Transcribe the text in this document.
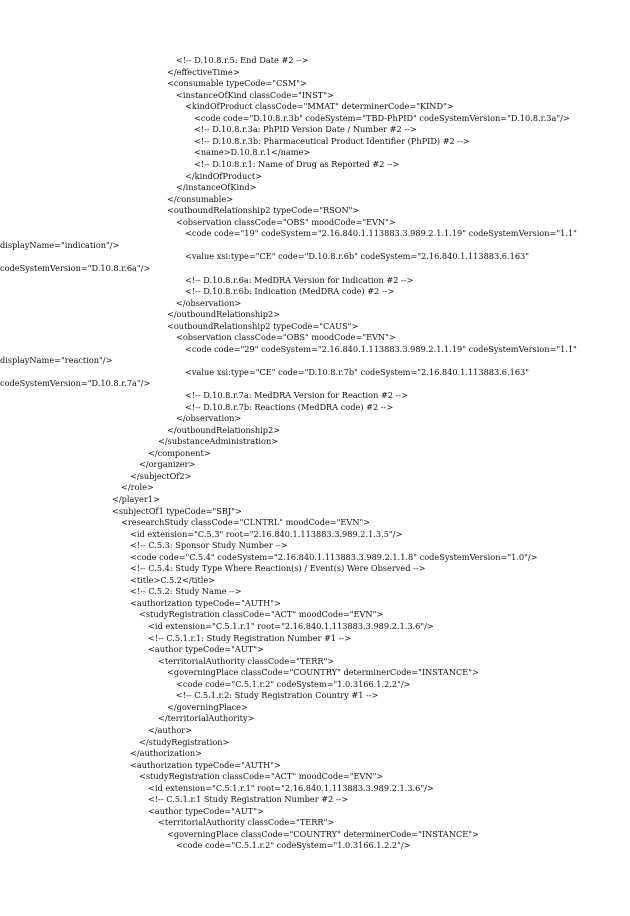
<!-- D.10.8.r.5: End Date #2 -->
</effectiveTime>
<consumable typeCode="CSM">
<instanceOfKind classCode="INST">
<kindOfProduct classCode="MMAT" determinerCode="KIND">
<code code="D.10.8.r.3b" codeSystem="TBD-PhPID" codeSystemVersion="D.10.8.r.3a"/>
<!-- D.10.8.r.3a: PhPID Version Date / Number #2 -->
<!-- D.10.8.r.3b: Pharmaceutical Product Identifier (PhPID) #2 -->
<name>D.10.8.r.1</name>
<!-- D.10.8.r.1: Name of Drug as Reported #2 -->
</kindOfProduct>
</instanceOfKind>
</consumable>
<outboundRelationship2 typeCode="RSON">
<observation classCode="OBS" moodCode="EVN">
<code code="19" codeSystem="2.16.840.1.113883.3.989.2.1.1.19" codeSystemVersion="1.1"
displayName="indication"/>
<value xsi:type="CE" code="D.10.8.r.6b" codeSystem="2.16.840.1.113883.6.163"
codeSystemVersion="D.10.8.r.6a"/>
<!-- D.10.8.r.6a: MedDRA Version for Indication #2 -->
<!-- D.10.8.r.6b: Indication (MedDRA code) #2 -->
</observation>
</outboundRelationship2>
<outboundRelationship2 typeCode="CAUS">
<observation classCode="OBS" moodCode="EVN">
<code code="29" codeSystem="2.16.840.1.113883.3.989.2.1.1.19" codeSystemVersion="1.1"
displayName="reaction"/>
<value xsi:type="CE" code="D.10.8.r.7b" codeSystem="2.16.840.1.113883.6.163"
codeSystemVersion="D.10.8.r.7a"/>
<!-- D.10.8.r.7a: MedDRA Version for Reaction #2 -->
<!-- D.10.8.r.7b: Reactions (MedDRA code) #2 -->
</observation>
</outboundRelationship2>
</substanceAdministration>
</component>
</organizer>
</subjectOf2>
</role>
</player1>
<subjectOf1 typeCode="SBJ">
<researchStudy classCode="CLNTRL" moodCode="EVN">
<id extension="C.5.3" root="2.16.840.1.113883.3.989.2.1.3.5"/>
<!-- C.5.3: Sponsor Study Number -->
<code code="C.5.4" codeSystem="2.16.840.1.113883.3.989.2.1.1.8" codeSystemVersion="1.0"/>
<!-- C.5.4: Study Type Where Reaction(s) / Event(s) Were Observed -->
<title>C.5.2</title>
<!-- C.5.2: Study Name -->
<authorization typeCode="AUTH">
<studyRegistration classCode="ACT" moodCode="EVN">
<id extension="C.5.1.r.1" root="2.16.840.1.113883.3.989.2.1.3.6"/>
<!-- C.5.1.r.1: Study Registration Number #1 -->
<author typeCode="AUT">
<territorialAuthority classCode="TERR">
<governingPlace classCode="COUNTRY" determinerCode="INSTANCE">
<code code="C.5.1.r.2" codeSystem="1.0.3166.1.2.2"/>
<!-- C.5.1.r.2: Study Registration Country #1 -->
</governingPlace>
</territorialAuthority>
</author>
</studyRegistration>
</authorization>
<authorization typeCode="AUTH">
<studyRegistration classCode="ACT" moodCode="EVN">
<id extension="C.5.1.r.1" root="2.16.840.1.113883.3.989.2.1.3.6"/>
<!-- C.5.1.r.1 Study Registration Number #2 -->
<author typeCode="AUT">
<territorialAuthority classCode="TERR">
<governingPlace classCode="COUNTRY" determinerCode="INSTANCE">
<code code="C.5.1.r.2" codeSystem="1.0.3166.1.2.2"/>
